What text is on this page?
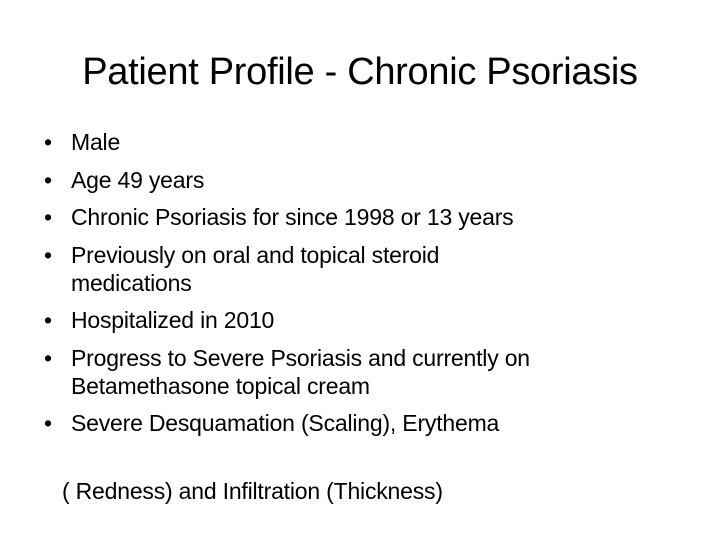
Patient Profile - Chronic Psoriasis
• Male
• Age 49 years
• Chronic Psoriasis for since 1998 or 13 years
• Previously on oral and topical steroid medications
• Hospitalized in 2010
• Progress to Severe Psoriasis and currently on Betamethasone topical cream
• Severe Desquamation (Scaling), Erythema
( Redness) and Infiltration (Thickness)
